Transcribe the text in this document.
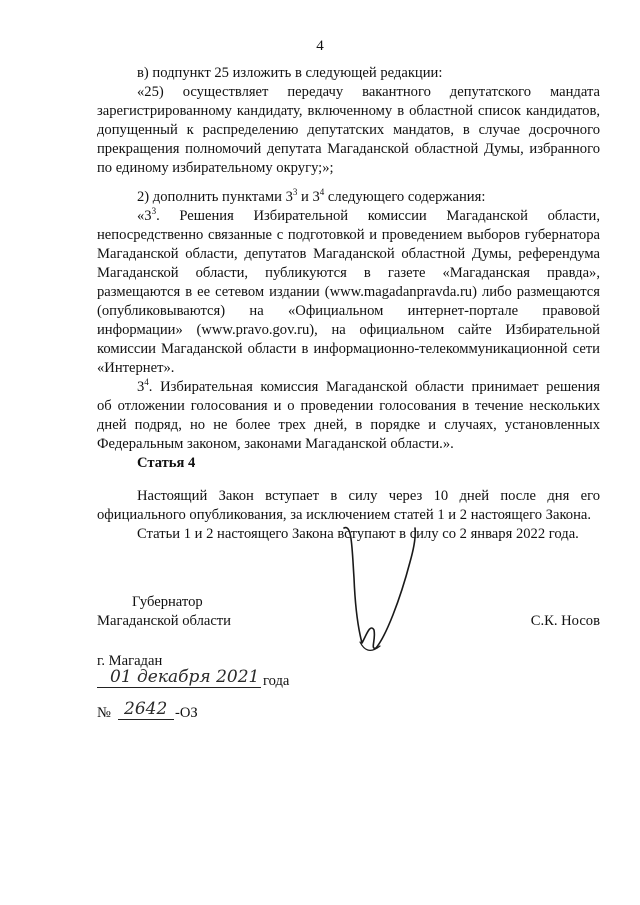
4
в) подпункт 25 изложить в следующей редакции:
«25) осуществляет передачу вакантного депутатского мандата
зарегистрированному кандидату, включенному в областной список кандидатов,
допущенный к распределению депутатских мандатов, в случае досрочного
прекращения полномочий депутата Магаданской областной Думы, избранного
по единому избирательному округу;»;
2) дополнить пунктами $3^3$ и $3^4$ следующего содержания:
«$3^3$. Решения Избирательной комиссии Магаданской области,
непосредственно связанные с подготовкой и проведением выборов губернатора
Магаданской области, депутатов Магаданской областной Думы, референдума
Магаданской области, публикуются в газете «Магаданская правда»,
размещаются в ее сетевом издании (www.magadanpravda.ru) либо размещаются
(опубликовываются) на «Официальном интернет-портале правовой
информации» (www.pravo.gov.ru), на официальном сайте Избирательной
комиссии Магаданской области в информационно-телекоммуникационной сети
«Интернет».
$3^4$. Избирательная комиссия Магаданской области принимает решения
об отложении голосования и о проведении голосования в течение нескольких
дней подряд, но не более трех дней, в порядке и случаях, установленных
Федеральным законом, законами Магаданской области.».
Статья 4
Настоящий Закон вступает в силу через 10 дней после дня его
официального опубликования, за исключением статей 1 и 2 настоящего Закона.
Статьи 1 и 2 настоящего Закона вступают в силу со 2 января 2022 года.
Губернатор
Магаданской области	С.К. Носов
г. Магадан
01 декабря 2021 года
№ 2642 -ОЗ
